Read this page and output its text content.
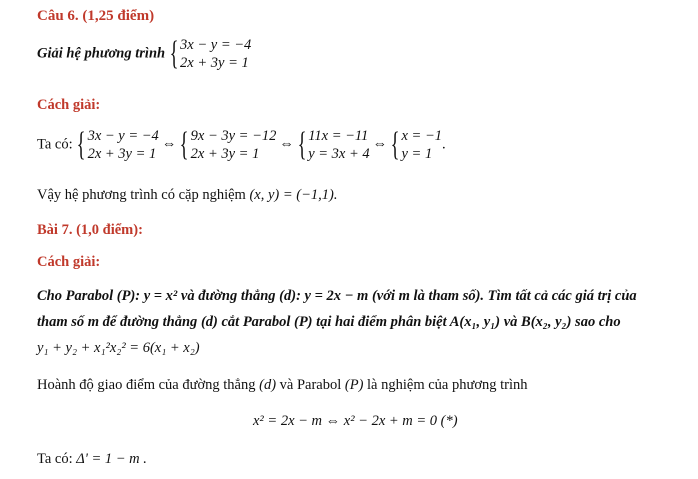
Câu 6. (1,25 điểm)
Giải hệ phương trình { 3x − y = −4
2x + 3y = 1
Cách giải:
Ta có: { 3x − y = −4
2x + 3y = 1
⇔ { 9x − 3y = −12
2x + 3y = 1
⇔ { 11x = −11
y = 3x + 4
⇔ { x = −1
y = 1
.
Vậy hệ phương trình có cặp nghiệm (x, y) = (−1,1).
Bài 7. (1,0 điểm):
Cách giải:
Cho Parabol (P): y = x² và đường thẳng (d): y = 2x − m (với m là tham số). Tìm tất cả các giá trị của
tham số m để đường thẳng (d) cắt Parabol (P) tại hai điểm phân biệt A(x₁, y₁) và B(x₂, y₂) sao cho
y₁ + y₂ + x₁²x₂² = 6(x₁ + x₂)
Hoành độ giao điểm của đường thẳng (d) và Parabol (P) là nghiệm của phương trình
x² = 2x − m ⇔ x² − 2x + m = 0 (*)
Ta có: Δ' = 1 − m .
